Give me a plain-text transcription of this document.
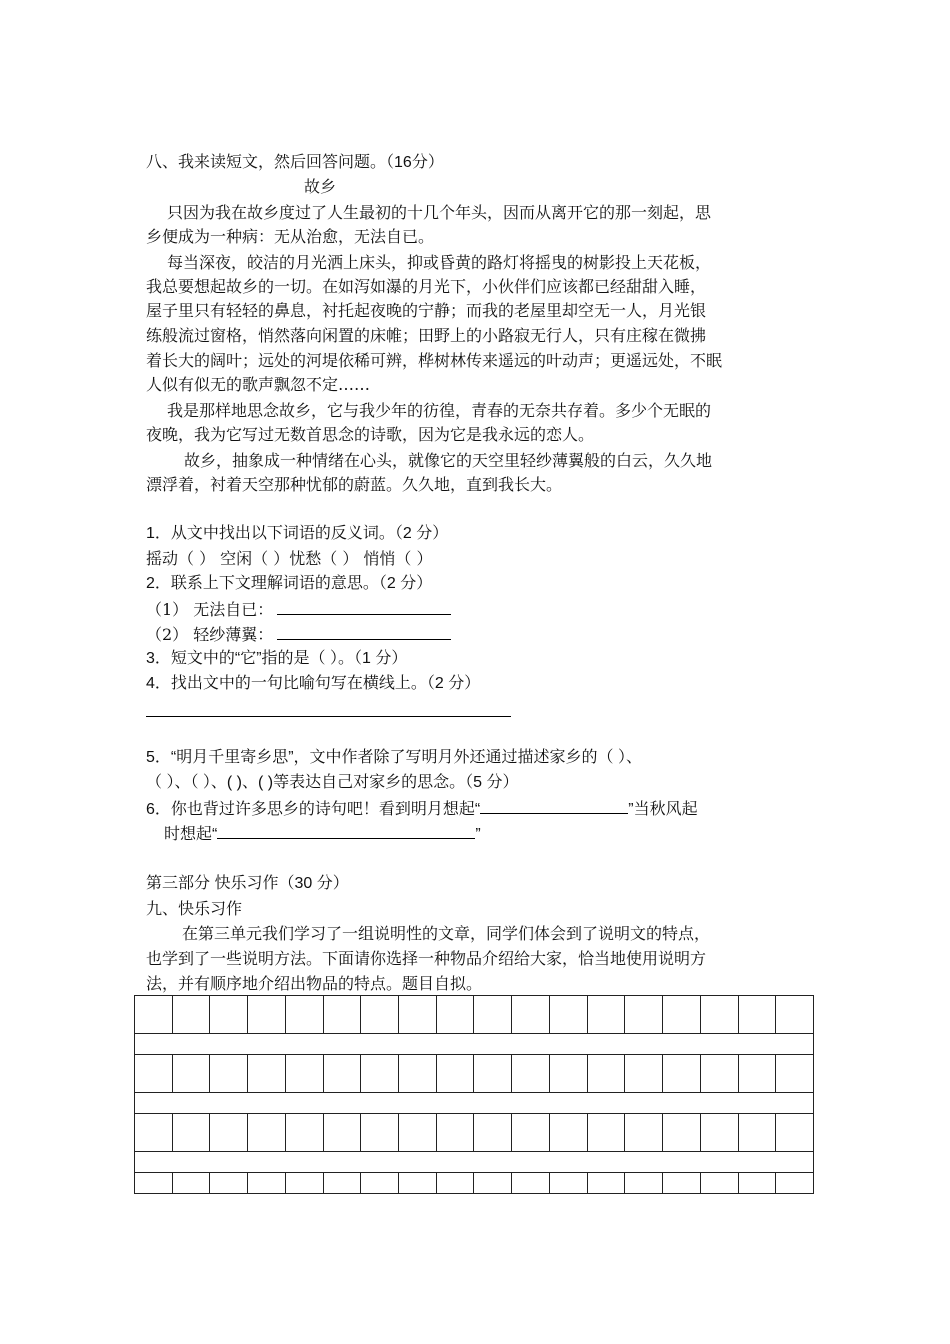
八、我来读短文，然后回答问题。（16分）
故乡
只因为我在故乡度过了人生最初的十几个年头，因而从离开它的那一刻起，思
乡便成为一种病：无从治愈，无法自已。
每当深夜，皎洁的月光洒上床头，抑或昏黄的路灯将摇曳的树影投上天花板，
我总要想起故乡的一切。在如泻如瀑的月光下，小伙伴们应该都已经甜甜入睡，
屋子里只有轻轻的鼻息，衬托起夜晚的宁静；而我的老屋里却空无一人，月光银
练般流过窗格，悄然落向闲置的床帷；田野上的小路寂无行人，只有庄稼在微拂
着长大的阔叶；远处的河堤依稀可辨，桦树林传来遥远的叶动声；更遥远处，不眠
人似有似无的歌声飘忽不定……
我是那样地思念故乡，它与我少年的彷徨，青春的无奈共存着。多少个无眠的
夜晚，我为它写过无数首思念的诗歌，因为它是我永远的恋人。
故乡，抽象成一种情绪在心头，就像它的天空里轻纱薄翼般的白云，久久地
漂浮着，衬着天空那种忧郁的蔚蓝。久久地，直到我长大。
1．从文中找出以下词语的反义词。（2 分）
摇动（ ） 空闲（ ）忧愁（ ） 悄悄（ ）
2．联系上下文理解词语的意思。（2 分）
（1） 无法自已：
（2） 轻纱薄翼：
3．短文中的“它”指的是（ ）。（1 分）
4．找出文中的一句比喻句写在横线上。（2 分）
5．“明月千里寄乡思”，文中作者除了写明月外还通过描述家乡的（ ）、
（ ）、（ ）、( )、( )等表达自己对家乡的思念。（5 分）
6．你也背过许多思乡的诗句吧！看到明月想起“	”当秋风起
时想起“	”
第三部分 快乐习作（30 分）
九、快乐习作
在第三单元我们学习了一组说明性的文章，同学们体会到了说明文的特点，
也学到了一些说明方法。下面请你选择一种物品介绍给大家，恰当地使用说明方
法，并有顺序地介绍出物品的特点。题目自拟。
